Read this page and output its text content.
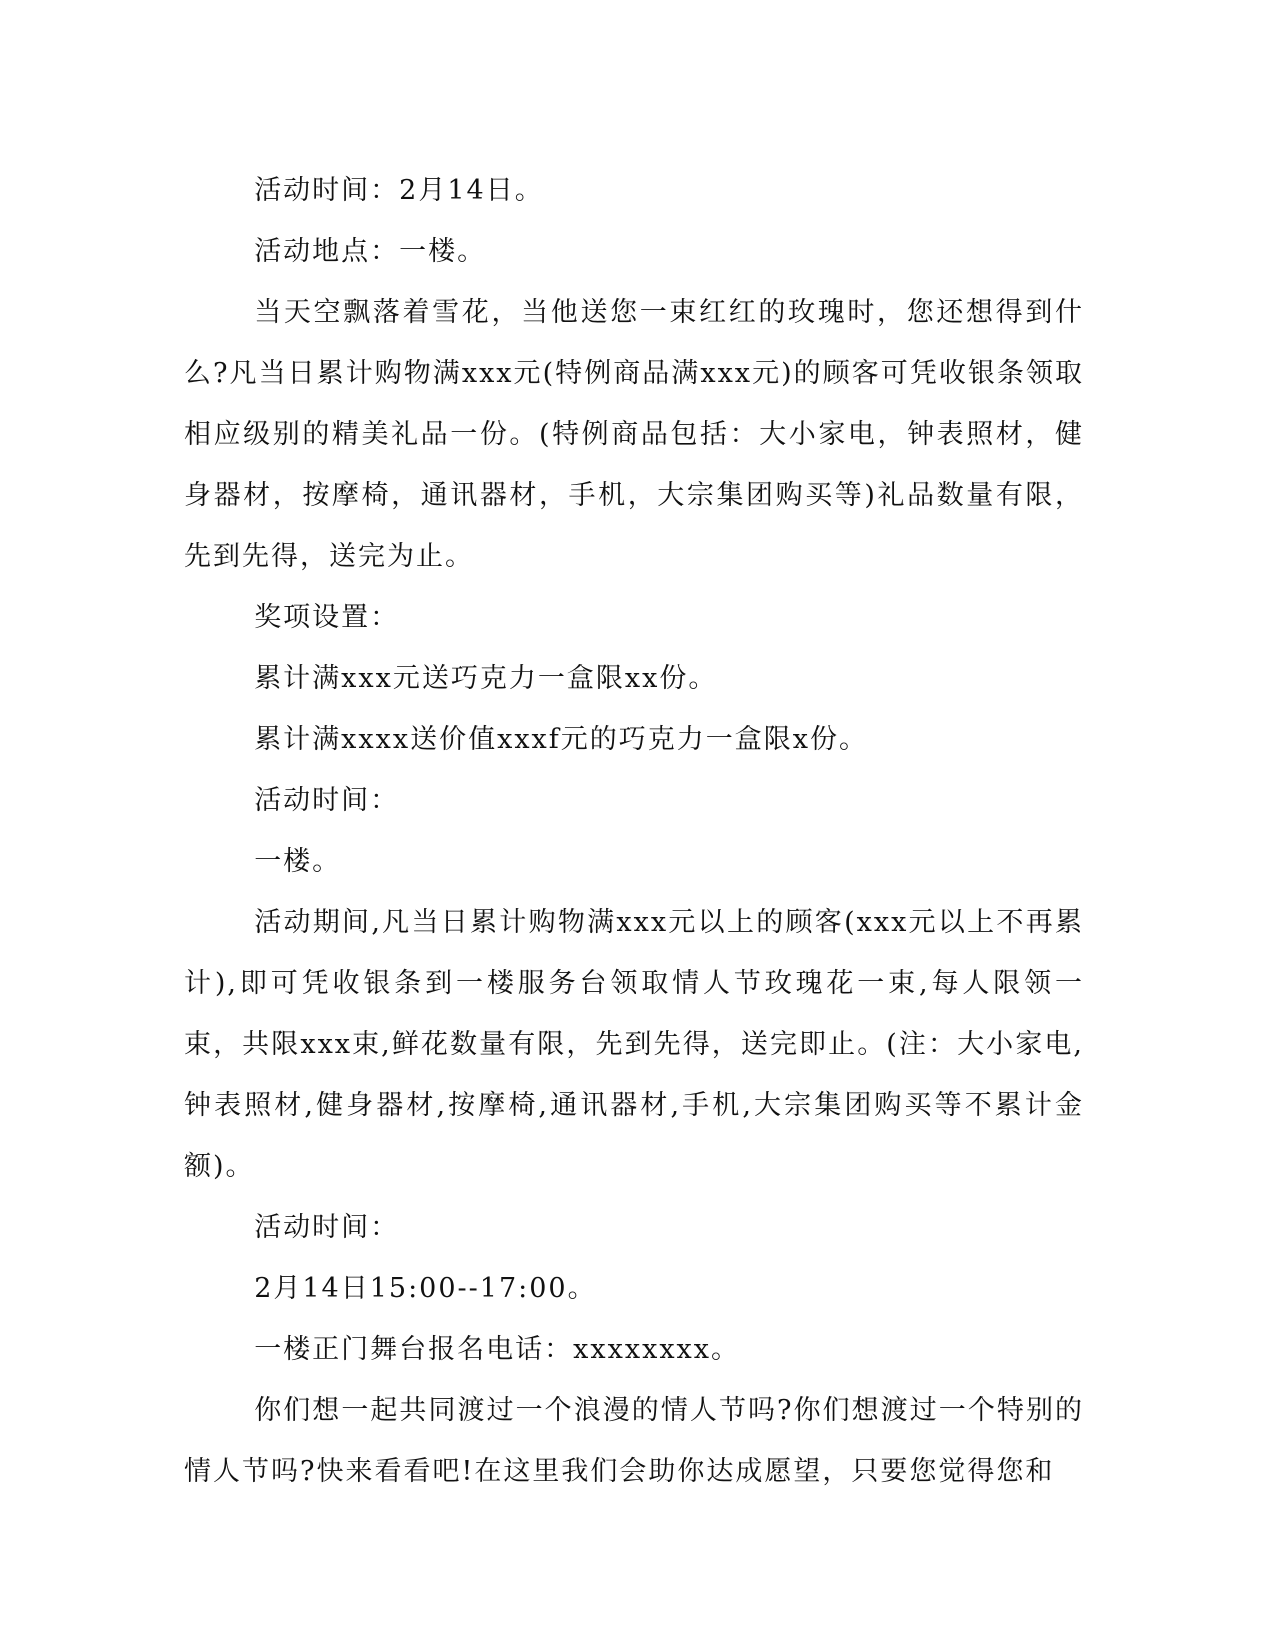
活动时间：2月14日。

活动地点：一楼。

当天空飘落着雪花，当他送您一束红红的玫瑰时，您还想得到什么?凡当日累计购物满xxx元(特例商品满xxx元)的顾客可凭收银条领取相应级别的精美礼品一份。(特例商品包括：大小家电，钟表照材，健身器材，按摩椅，通讯器材，手机，大宗集团购买等)礼品数量有限，先到先得，送完为止。

奖项设置：

累计满xxx元送巧克力一盒限xx份。

累计满xxxx送价值xxxf元的巧克力一盒限x份。

活动时间：

一楼。

活动期间,凡当日累计购物满xxx元以上的顾客(xxx元以上不再累计),即可凭收银条到一楼服务台领取情人节玫瑰花一束,每人限领一束，共限xxx束,鲜花数量有限，先到先得，送完即止。(注：大小家电,钟表照材,健身器材,按摩椅,通讯器材,手机,大宗集团购买等不累计金额)。

活动时间：

2月14日15:00--17:00。

一楼正门舞台报名电话：xxxxxxxx。

你们想一起共同渡过一个浪漫的情人节吗?你们想渡过一个特别的情人节吗?快来看看吧!在这里我们会助你达成愿望，只要您觉得您和
